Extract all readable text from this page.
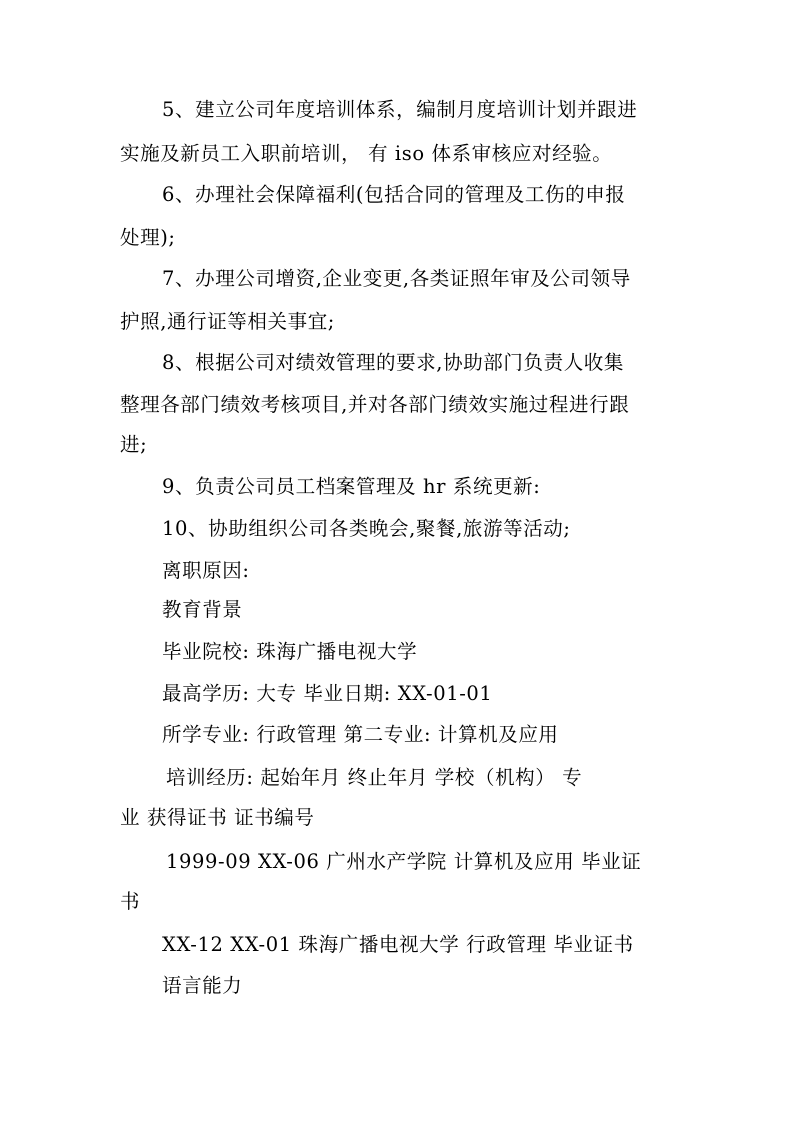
5、建立公司年度培训体系，编制月度培训计划并跟进

实施及新员工入职前培训， 有 iso 体系审核应对经验。

6、办理社会保障福利(包括合同的管理及工伤的申报

处理);

7、办理公司增资,企业变更,各类证照年审及公司领导

护照,通行证等相关事宜;

8、根据公司对绩效管理的要求,协助部门负责人收集

整理各部门绩效考核项目,并对各部门绩效实施过程进行跟

进;

9、负责公司员工档案管理及 hr 系统更新:

10、协助组织公司各类晚会,聚餐,旅游等活动;

离职原因:

教育背景

毕业院校: 珠海广播电视大学

最高学历: 大专 毕业日期: XX-01-01

所学专业: 行政管理 第二专业: 计算机及应用

培训经历: 起始年月 终止年月 学校（机构） 专

业 获得证书 证书编号

1999-09 XX-06 广州水产学院 计算机及应用 毕业证

书

XX-12 XX-01 珠海广播电视大学 行政管理 毕业证书

语言能力
